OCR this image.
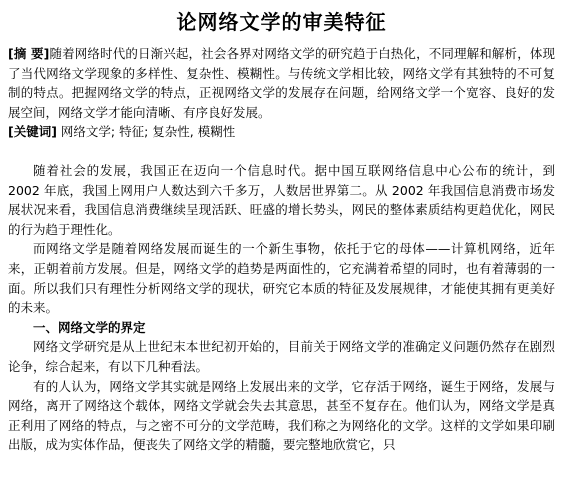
论网络文学的审美特征

[摘 要]随着网络时代的日渐兴起，社会各界对网络文学的研究趋于白热化，不同理解和解析，体现了当代网络文学现象的多样性、复杂性、模糊性。与传统文学相比较，网络文学有其独特的不可复制的特点。把握网络文学的特点，正视网络文学的发展存在问题，给网络文学一个宽容、良好的发展空间，网络文学才能向清晰、有序良好发展。

[关键词] 网络文学; 特征; 复杂性, 模糊性

随着社会的发展，我国正在迈向一个信息时代。据中国互联网络信息中心公布的统计，到 2002 年底，我国上网用户人数达到六千多万，人数居世界第二。从 2002 年我国信息消费市场发展状况来看，我国信息消费继续呈现活跃、旺盛的增长势头，网民的整体素质结构更趋优化，网民的行为趋于理性化。

而网络文学是随着网络发展而诞生的一个新生事物，依托于它的母体——计算机网络，近年来，正朝着前方发展。但是，网络文学的趋势是两面性的，它充满着希望的同时，也有着薄弱的一面。所以我们只有理性分析网络文学的现状，研究它本质的特征及发展规律，才能使其拥有更美好的未来。

一、网络文学的界定

网络文学研究是从上世纪末本世纪初开始的，目前关于网络文学的准确定义问题仍然存在剧烈论争，综合起来，有以下几种看法。

有的人认为，网络文学其实就是网络上发展出来的文学，它存活于网络，诞生于网络，发展与网络，离开了网络这个载体，网络文学就会失去其意思，甚至不复存在。他们认为，网络文学是真正利用了网络的特点，与之密不可分的文学范畴，我们称之为网络化的文学。这样的文学如果印刷出版，成为实体作品，便丧失了网络文学的精髓，要完整地欣赏它，只
